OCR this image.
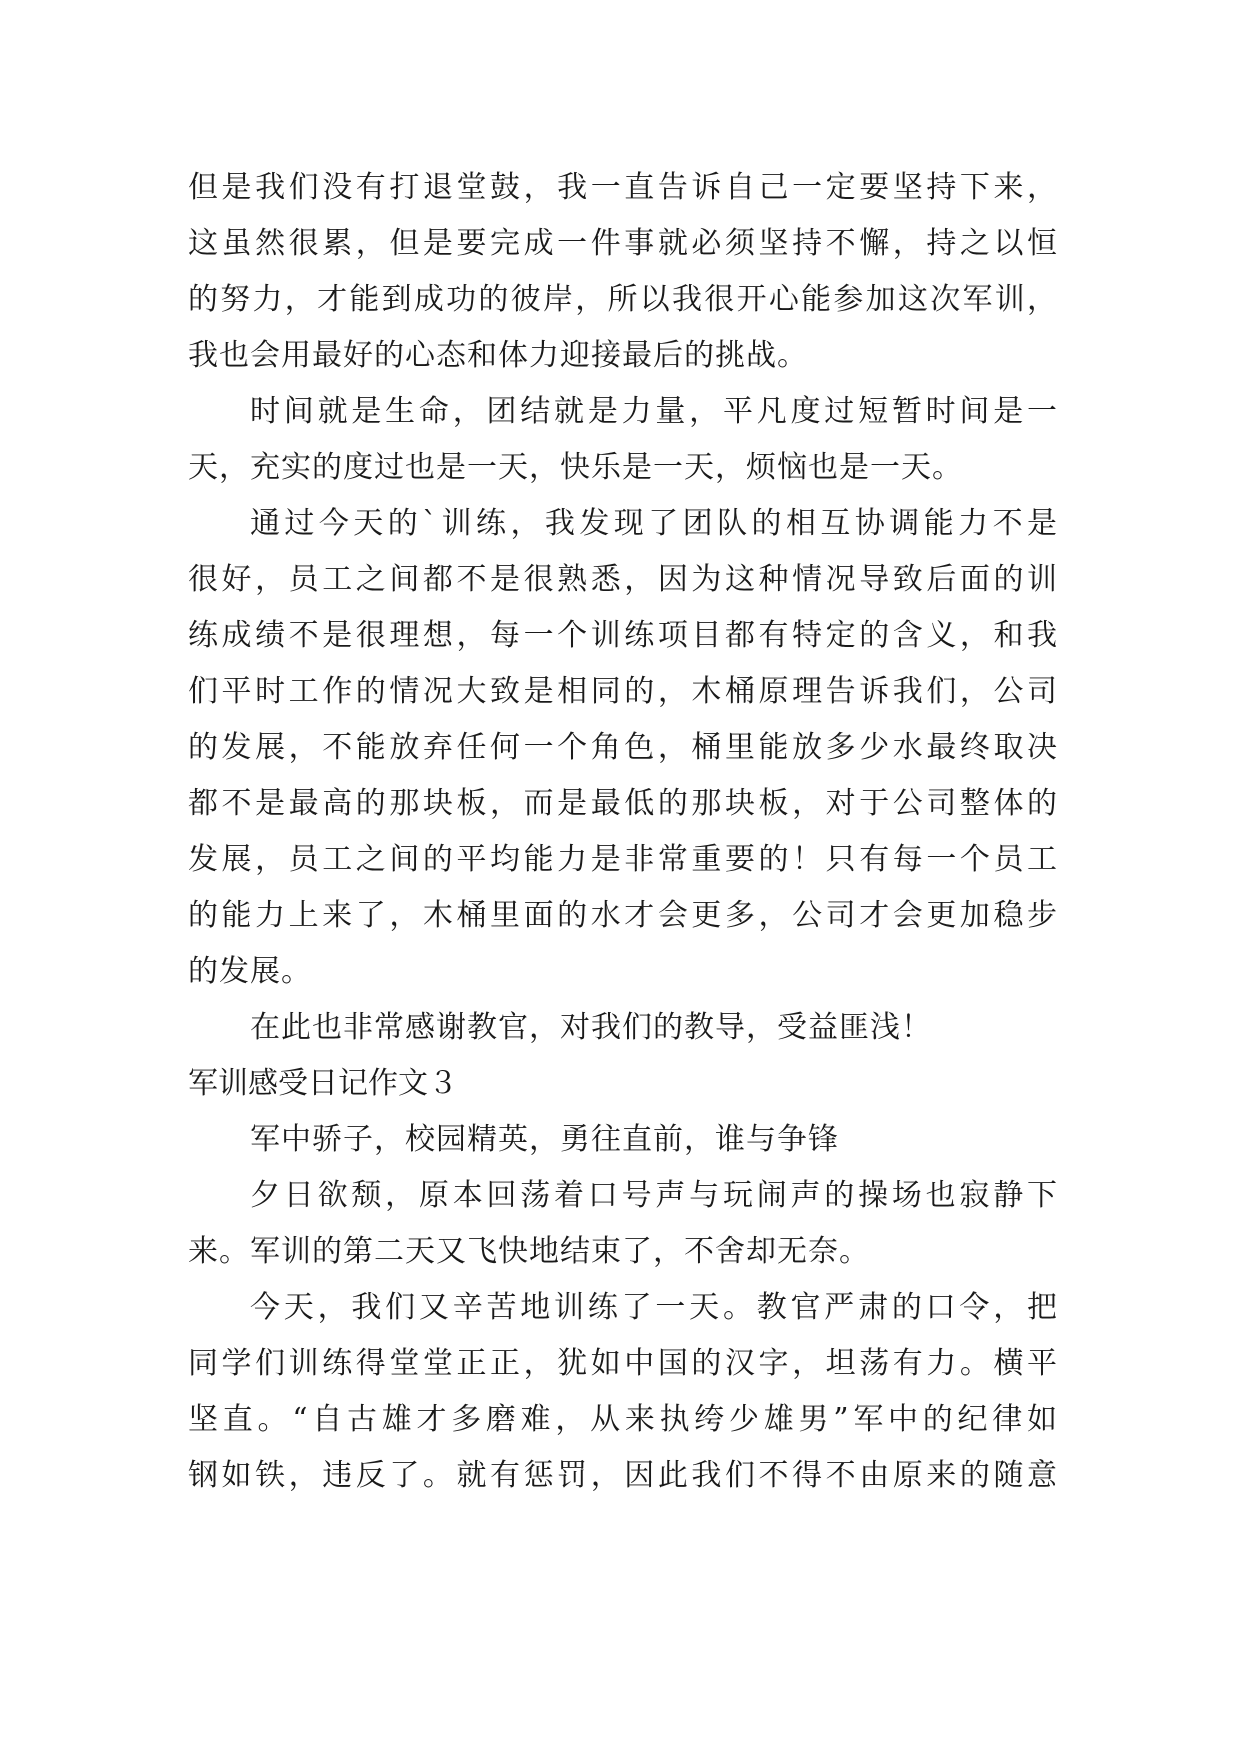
但是我们没有打退堂鼓，我一直告诉自己一定要坚持下来，
这虽然很累，但是要完成一件事就必须坚持不懈，持之以恒
的努力，才能到成功的彼岸，所以我很开心能参加这次军训，
我也会用最好的心态和体力迎接最后的挑战。
时间就是生命，团结就是力量，平凡度过短暂时间是一
天，充实的度过也是一天，快乐是一天，烦恼也是一天。
通过今天的`训练，我发现了团队的相互协调能力不是
很好，员工之间都不是很熟悉，因为这种情况导致后面的训
练成绩不是很理想，每一个训练项目都有特定的含义，和我
们平时工作的情况大致是相同的，木桶原理告诉我们，公司
的发展，不能放弃任何一个角色，桶里能放多少水最终取决
都不是最高的那块板，而是最低的那块板，对于公司整体的
发展，员工之间的平均能力是非常重要的！只有每一个员工
的能力上来了，木桶里面的水才会更多，公司才会更加稳步
的发展。
在此也非常感谢教官，对我们的教导，受益匪浅！
军训感受日记作文３
军中骄子，校园精英，勇往直前，谁与争锋
夕日欲颓，原本回荡着口号声与玩闹声的操场也寂静下
来。军训的第二天又飞快地结束了，不舍却无奈。
今天，我们又辛苦地训练了一天。教官严肃的口令，把
同学们训练得堂堂正正，犹如中国的汉字，坦荡有力。横平
坚直。“自古雄才多磨难，从来执绔少雄男”军中的纪律如
钢如铁，违反了。就有惩罚，因此我们不得不由原来的随意
